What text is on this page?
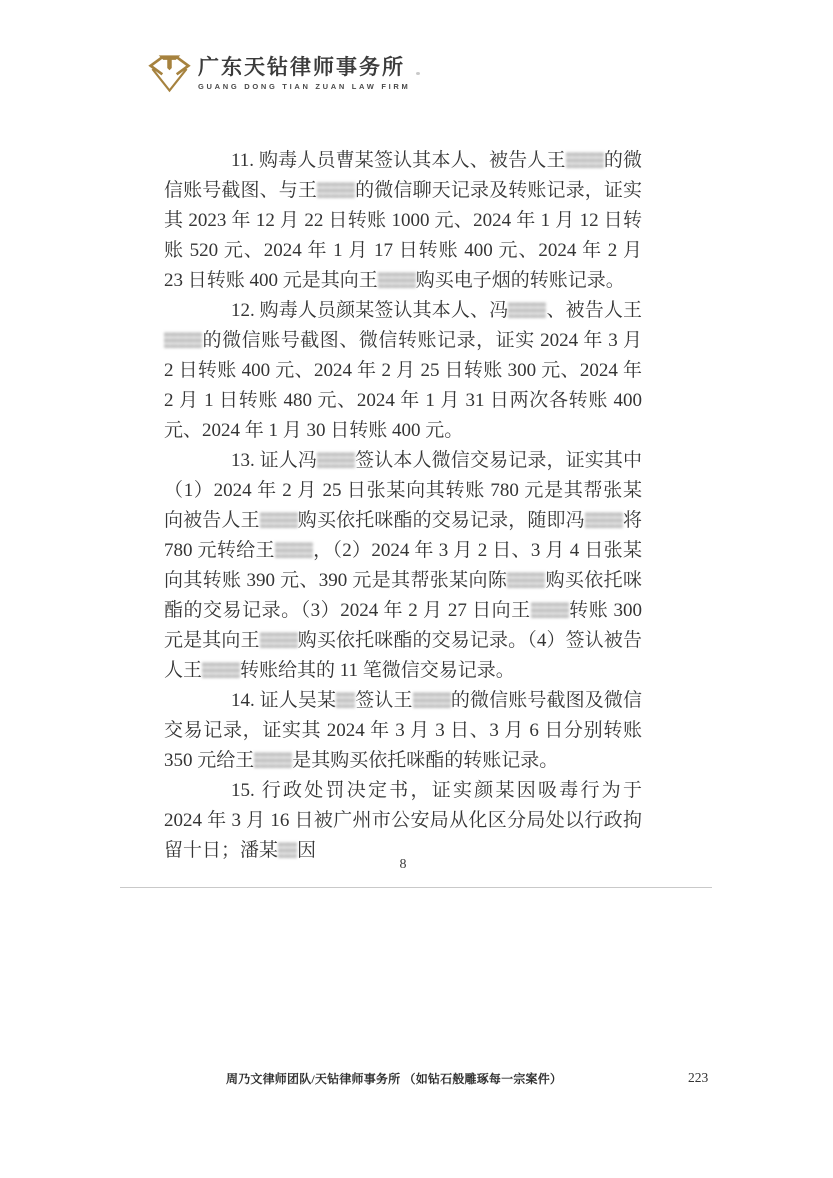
广东天钻律师事务所
GUANG DONG TIAN ZUAN LAW FIRM

11. 购毒人员曹某签认其本人、被告人王 的微信账号截图、与王 的微信聊天记录及转账记录，证实其 2023 年 12 月 22 日转账 1000 元、2024 年 1 月 12 日转账 520 元、2024 年 1 月 17 日转账 400 元、2024 年 2 月 23 日转账 400 元是其向王 购买电子烟的转账记录。

12. 购毒人员颜某签认其本人、冯 、被告人王的微信账号截图、微信转账记录，证实 2024 年 3 月 2 日转账 400 元、2024 年 2 月 25 日转账 300 元、2024 年 2 月 1 日转账 480 元、2024 年 1 月 31 日两次各转账 400 元、2024 年 1 月 30 日转账 400 元。

13. 证人冯 签认本人微信交易记录，证实其中（1）2024 年 2 月 25 日张某向其转账 780 元是其帮张某向被告人王 购买依托咪酯的交易记录，随即冯 将 780 元转给王 ，（2）2024 年 3 月 2 日、3 月 4 日张某向其转账 390 元、390 元是其帮张某向陈 购买依托咪酯的交易记录。（3）2024 年 2 月 27 日向王 转账 300 元是其向王 购买依托咪酯的交易记录。（4）签认被告人王 转账给其的 11 笔微信交易记录。

14. 证人吴某 签认王 的微信账号截图及微信交易记录，证实其 2024 年 3 月 3 日、3 月 6 日分别转账 350 元给王 是其购买依托咪酯的转账记录。

15. 行政处罚决定书，证实颜某因吸毒行为于 2024 年 3 月 16 日被广州市公安局从化区分局处以行政拘留十日；潘某 因

8
周乃文律师团队/天钻律师事务所 （如钻石般雕琢每一宗案件）	223
